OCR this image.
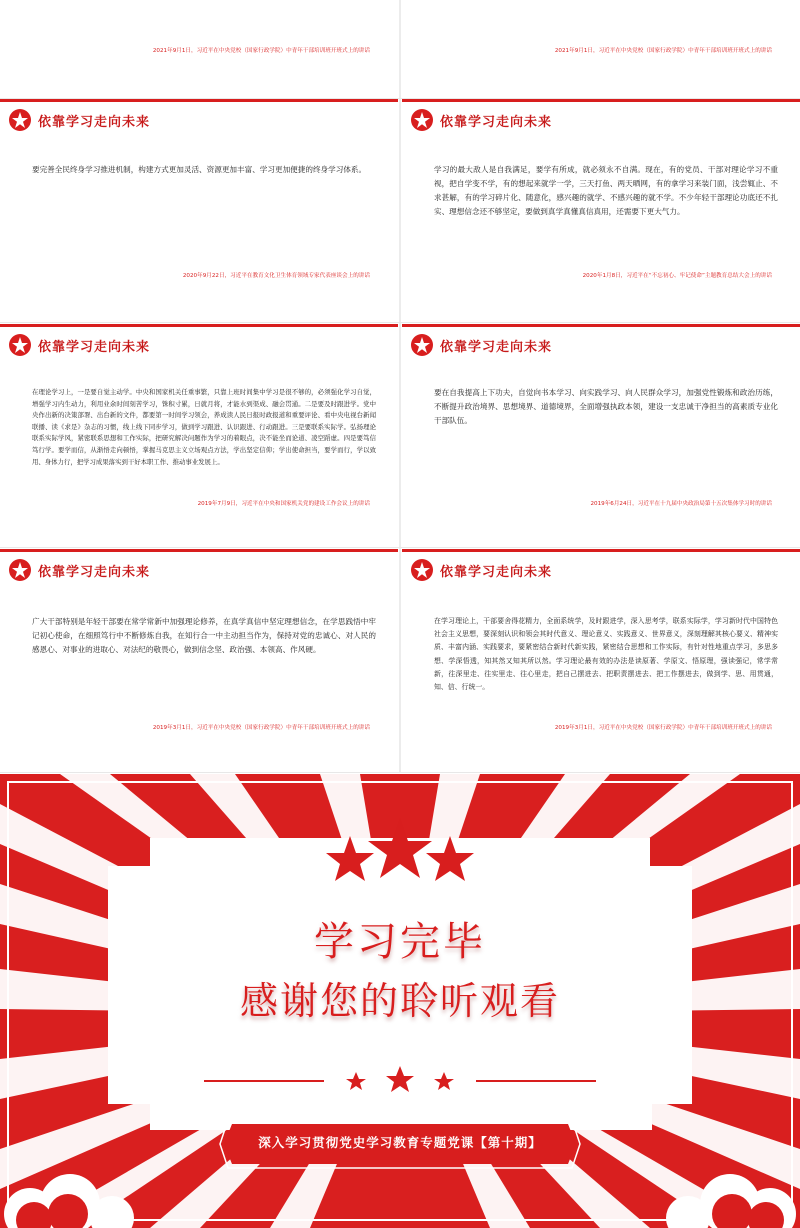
2021年9月1日，习近平在中央党校（国家行政学院）中青年干部培训班开班式上的讲话	2021年9月1日，习近平在中央党校（国家行政学院）中青年干部培训班开班式上的讲话
依靠学习走向未来
要完善全民终身学习推进机制，构建方式更加灵活、资源更加丰富、学习更加便捷的终身学习体系。
2020年9月22日，习近平在教育文化卫生体育领域专家代表座谈会上的讲话
依靠学习走向未来
学习的最大敌人是自我满足，要学有所成，就必须永不自满。现在，有的党员、干部对理论学习不重视，把自学变不学，有的想起来就学一学，三天打鱼、两天晒网，有的拿学习来装门面，浅尝辄止、不求甚解，有的学习碎片化、随意化，感兴趣的就学、不感兴趣的就不学。不少年轻干部理论功底还不扎实、理想信念还不够坚定，要做到真学真懂真信真用，还需要下更大气力。
2020年1月8日，习近平在“不忘初心、牢记使命”主题教育总结大会上的讲话
依靠学习走向未来
在理论学习上，一是要自觉主动学。中央和国家机关任重事繁，只靠上班时间集中学习是很不够的，必须强化学习自觉，增强学习内生动力，利用业余时间刻苦学习，铢积寸累，日就月将，才能水到渠成、融会贯通。二是要及时跟进学。党中央作出新的决策部署、出台新的文件，都要第一时间学习领会，养成读人民日报时政报道和重要评论、看中央电视台新闻联播、读《求是》杂志的习惯，线上线下同步学习，做到学习跟进、认识跟进、行动跟进。三是要联系实际学。弘扬理论联系实际学风，紧密联系思想和工作实际，把研究解决问题作为学习的着眼点，决不能坐而论道、凌空蹈虚。四是要笃信笃行学。要学而信，从渐悟走向顿悟，掌握马克思主义立场观点方法，学出坚定信仰；学出使命担当，要学而行，学以致用、身体力行，把学习成果落实到干好本职工作、推动事业发展上。
2019年7月9日，习近平在中央和国家机关党的建设工作会议上的讲话
依靠学习走向未来
要在自我提高上下功夫，自觉向书本学习、向实践学习、向人民群众学习，加强党性锻炼和政治历练，不断提升政治境界、思想境界、道德境界，全面增强执政本领，建设一支忠诚干净担当的高素质专业化干部队伍。
2019年6月24日，习近平在十九届中央政治局第十五次集体学习时的讲话
依靠学习走向未来
广大干部特别是年轻干部要在常学常新中加强理论修养，在真学真信中坚定理想信念，在学思践悟中牢记初心使命，在细照笃行中不断修炼自我，在知行合一中主动担当作为，保持对党的忠诚心、对人民的感恩心、对事业的进取心、对法纪的敬畏心，做到信念坚、政治强、本领高、作风硬。
2019年3月1日，习近平在中央党校（国家行政学院）中青年干部培训班开班式上的讲话
依靠学习走向未来
在学习理论上，干部要舍得花精力，全面系统学，及时跟进学，深入思考学，联系实际学，学习新时代中国特色社会主义思想，要深刻认识和领会其时代意义、理论意义、实践意义、世界意义，深刻理解其核心要义、精神实质、丰富内涵、实践要求，要紧密结合新时代新实践，紧密结合思想和工作实际，有针对性地重点学习，多思多想、学深悟透，知其然又知其所以然。学习理论最有效的办法是读原著、学原文、悟原理，强读强记，常学常新，往深里走、往实里走、往心里走，把自己摆进去、把职责摆进去、把工作摆进去，做到学、思、用贯通，知、信、行统一。
2019年3月1日，习近平在中央党校（国家行政学院）中青年干部培训班开班式上的讲话
学习完毕
感谢您的聆听观看
深入学习贯彻党史学习教育专题党课【第十期】
